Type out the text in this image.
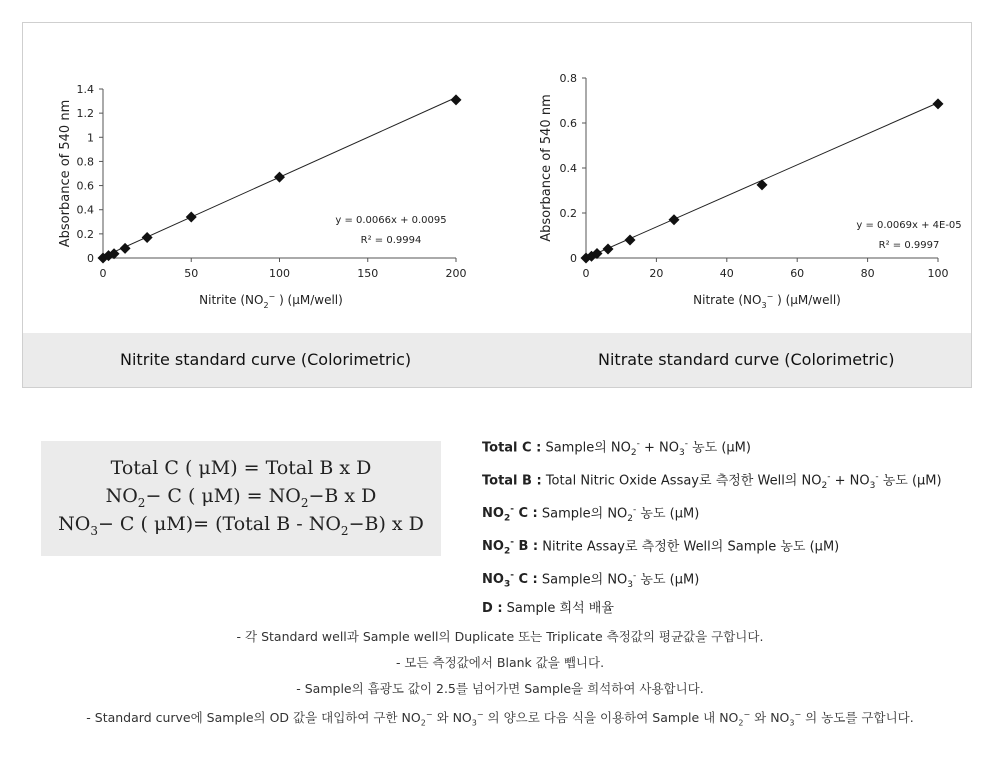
0
0.2
0.4
0.6
0.8
1
1.2
1.4
0	50	100	150	200
y = 0.0066x + 0.0095
R² = 0.9994
Absorbance of 540 nm
Nitrite ($NO_2^-$ ) (μM/well)
0
0.2
0.4
0.6
0.8
0	20	40	60	80	100
y = 0.0069x + 4E-05
R² = 0.9997
Absorbance of 540 nm
Nitrate ($NO_3^-$ ) (μM/well)
Nitrite standard curve (Colorimetric)	Nitrate standard curve (Colorimetric)
Total C ( μM) = Total B x D
$NO_2- C$ ( $\mu M) = NO_2-B$ x D
$NO_3- C$ ( μM)= (Total $B - NO_2-B$) x D
Total C : Sample의 $NO_2^- + NO_3^-$ 농도 (μM)
Total B : Total Nitric Oxide Assay로 측정한 Well의 $NO_2^- + NO_3^-$ 농도 (μM)
$NO_2^-$ C : Sample의 $NO_2^-$ 농도 (μM)
$NO_2^-$ B : Nitrite Assay로 측정한 Well의 Sample 농도 (μM)
$NO_3^-$ C : Sample의 $NO_3^-$ 농도 (μM)
D : Sample 희석 배율
- 각 Standard well과 Sample well의 Duplicate 또는 Triplicate 측정값의 평균값을 구합니다.
- 모든 측정값에서 Blank 값을 뺍니다.
- Sample의 흡광도 값이 2.5를 넘어가면 Sample을 희석하여 사용합니다.
- Standard curve에 Sample의 OD 값을 대입하여 구한 $NO_2^-$ 와 $NO_3^-$ 의 양으로 다음 식을 이용하여 Sample 내 $NO_2^-$ 와 $NO_3^-$ 의 농도를 구합니다.
